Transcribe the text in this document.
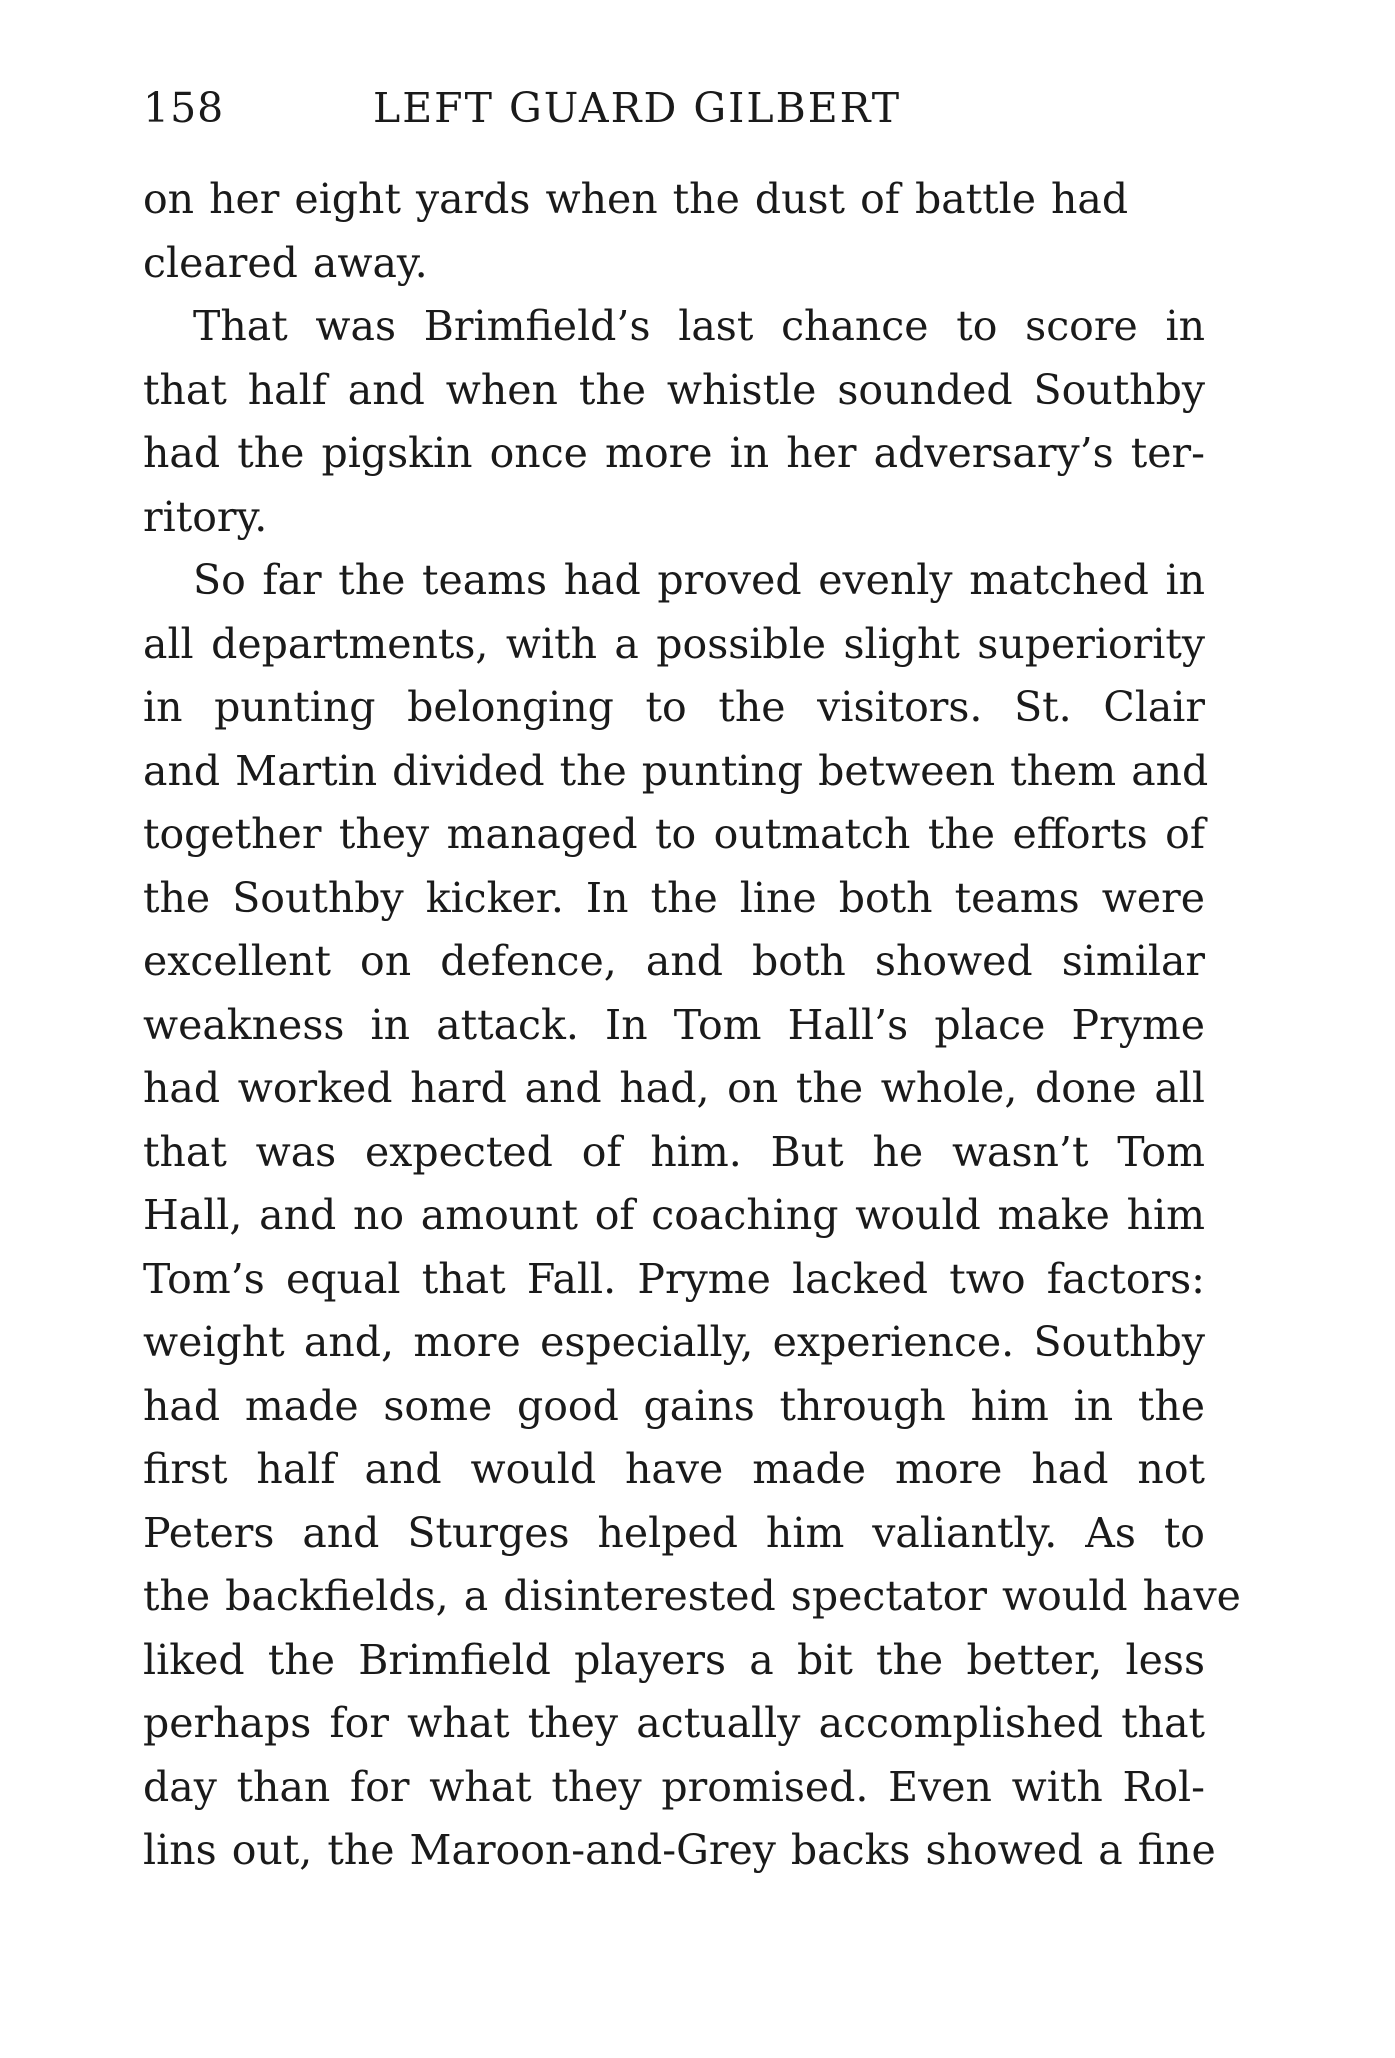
158	LEFT GUARD GILBERT
on her eight yards when the dust of battle had
cleared away.
That was Brimfield’s last chance to score in
that half and when the whistle sounded Southby
had the pigskin once more in her adversary’s ter-
ritory.
So far the teams had proved evenly matched in
all departments, with a possible slight superiority
in punting belonging to the visitors. St. Clair
and Martin divided the punting between them and
together they managed to outmatch the efforts of
the Southby kicker. In the line both teams were
excellent on defence, and both showed similar
weakness in attack. In Tom Hall’s place Pryme
had worked hard and had, on the whole, done all
that was expected of him. But he wasn’t Tom
Hall, and no amount of coaching would make him
Tom’s equal that Fall. Pryme lacked two factors:
weight and, more especially, experience. Southby
had made some good gains through him in the
first half and would have made more had not
Peters and Sturges helped him valiantly. As to
the backfields, a disinterested spectator would have
liked the Brimfield players a bit the better, less
perhaps for what they actually accomplished that
day than for what they promised. Even with Rol-
lins out, the Maroon-and-Grey backs showed a fine
